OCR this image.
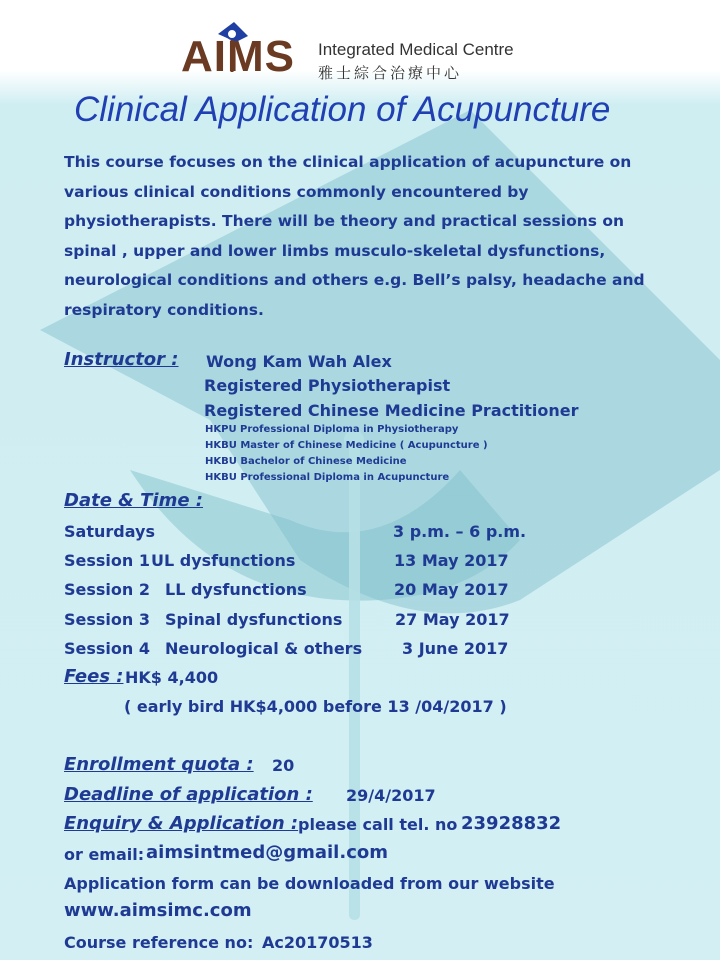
AIMS Integrated Medical Centre
雅士綜合治療中心
Clinical Application of Acupuncture
This course focuses on the clinical application of acupuncture on
various clinical conditions commonly encountered by
physiotherapists. There will be theory and practical sessions on
spinal , upper and lower limbs musculo-skeletal dysfunctions,
neurological conditions and others e.g. Bell’s palsy, headache and
respiratory conditions.
Instructor : Wong Kam Wah Alex
Registered Physiotherapist
Registered Chinese Medicine Practitioner
HKPU Professional Diploma in Physiotherapy
HKBU Master of Chinese Medicine ( Acupuncture )
HKBU Bachelor of Chinese Medicine
HKBU Professional Diploma in Acupuncture
Date & Time :
Saturdays	3 p.m. – 6 p.m.
Session 1 UL dysfunctions	13 May 2017
Session 2 LL dysfunctions	20 May 2017
Session 3 Spinal dysfunctions	27 May 2017
Session 4 Neurological & others 3 June 2017
Fees : HK$ 4,400
( early bird HK$4,000 before 13 /04/2017 )
Enrollment quota : 20
Deadline of application : 29/4/2017
Enquiry & Application : please call tel. no 23928832
or email: aimsintmed@gmail.com
Application form can be downloaded from our website
www.aimsimc.com
Course reference no: Ac20170513
